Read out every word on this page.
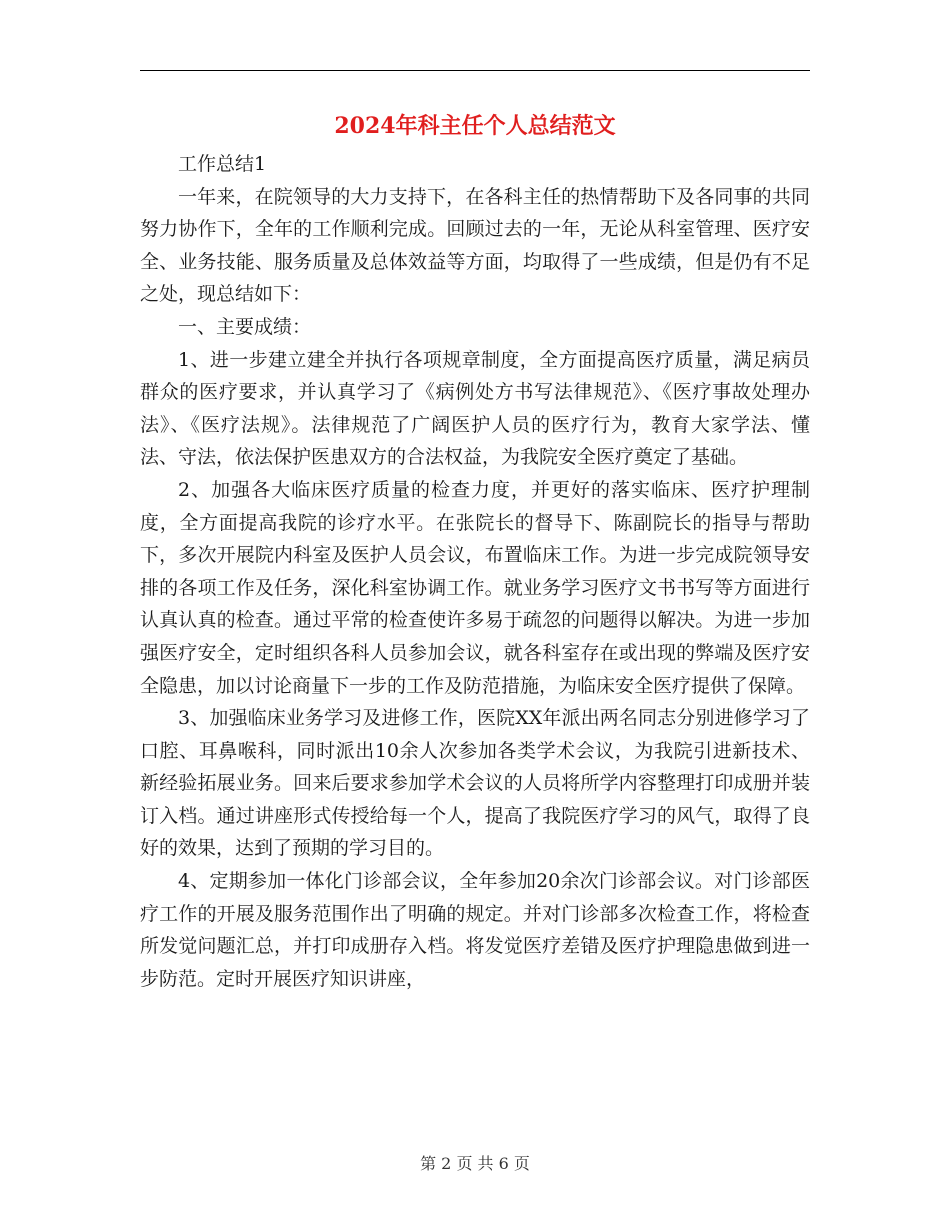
2024年科主任个人总结范文

工作总结1

一年来，在院领导的大力支持下，在各科主任的热情帮助下及各同事的共同努力协作下，全年的工作顺利完成。回顾过去的一年，无论从科室管理、医疗安全、业务技能、服务质量及总体效益等方面，均取得了一些成绩，但是仍有不足之处，现总结如下：

一、主要成绩：

1、进一步建立建全并执行各项规章制度，全方面提高医疗质量，满足病员群众的医疗要求，并认真学习了《病例处方书写法律规范》、《医疗事故处理办法》、《医疗法规》。法律规范了广阔医护人员的医疗行为，教育大家学法、懂法、守法，依法保护医患双方的合法权益，为我院安全医疗奠定了基础。

2、加强各大临床医疗质量的检查力度，并更好的落实临床、医疗护理制度，全方面提高我院的诊疗水平。在张院长的督导下、陈副院长的指导与帮助下，多次开展院内科室及医护人员会议，布置临床工作。为进一步完成院领导安排的各项工作及任务，深化科室协调工作。就业务学习医疗文书书写等方面进行认真认真的检查。通过平常的检查使许多易于疏忽的问题得以解决。为进一步加强医疗安全，定时组织各科人员参加会议，就各科室存在或出现的弊端及医疗安全隐患，加以讨论商量下一步的工作及防范措施，为临床安全医疗提供了保障。

3、加强临床业务学习及进修工作，医院XX年派出两名同志分别进修学习了口腔、耳鼻喉科，同时派出10余人次参加各类学术会议，为我院引进新技术、新经验拓展业务。回来后要求参加学术会议的人员将所学内容整理打印成册并装订入档。通过讲座形式传授给每一个人，提高了我院医疗学习的风气，取得了良好的效果，达到了预期的学习目的。

4、定期参加一体化门诊部会议，全年参加20余次门诊部会议。对门诊部医疗工作的开展及服务范围作出了明确的规定。并对门诊部多次检查工作，将检查所发觉问题汇总，并打印成册存入档。将发觉医疗差错及医疗护理隐患做到进一步防范。定时开展医疗知识讲座，

第 2 页 共 6 页
